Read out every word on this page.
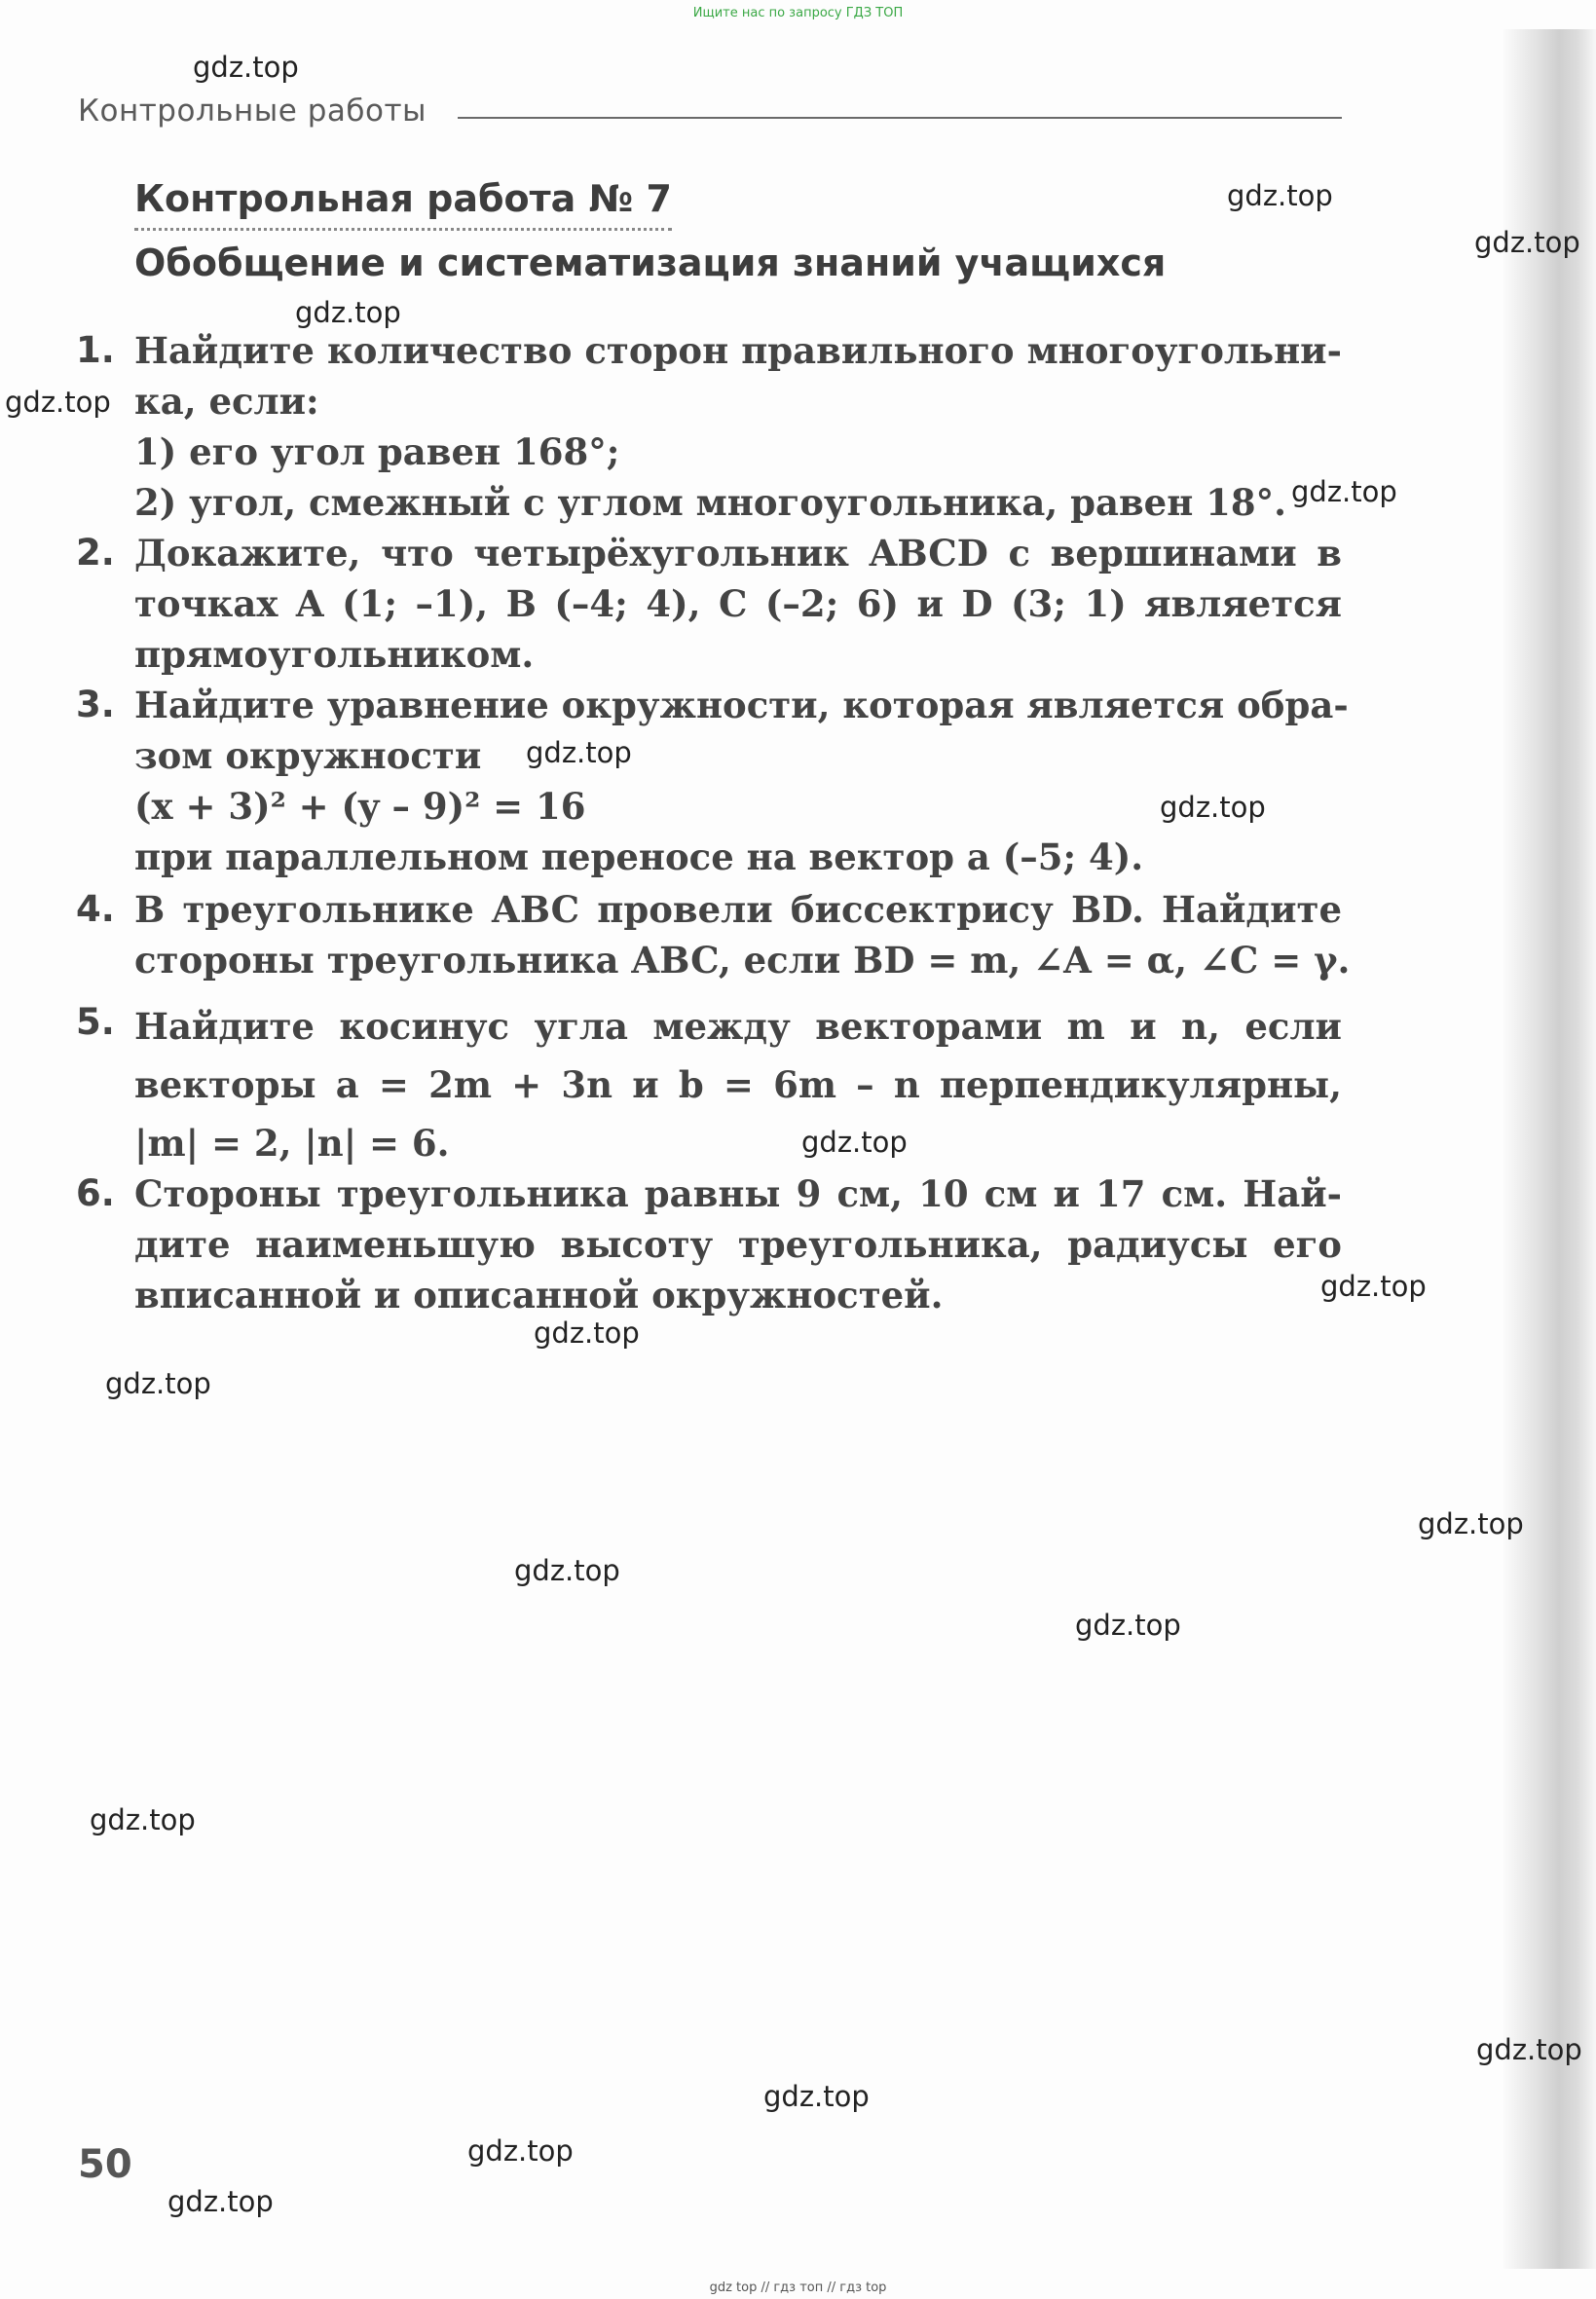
Ищите нас по запросу ГДЗ ТОП
Контрольные работы
Контрольная работа № 7
Обобщение и систематизация знаний учащихся
1. Найдите количество сторон правильного многоугольни-
ка, если:
1) его угол равен 168°;
2) угол, смежный с углом многоугольника, равен 18°.
2. Докажите, что четырёхугольник ABCD с вершинами в
точках A (1; –1), B (–4; 4), C (–2; 6) и D (3; 1) является
прямоугольником.
3. Найдите уравнение окружности, которая является обра-
зом окружности
(x + 3)² + (y – 9)² = 16
при параллельном переносе на вектор a (–5; 4).
4. В треугольнике ABC провели биссектрису BD. Найдите
стороны треугольника ABC, если BD = m, ∠A = α, ∠C = γ.
5. Найдите косинус угла между векторами m и n, если
векторы a = 2m + 3n и b = 6m – n перпендикулярны,
|m| = 2, |n| = 6.
6. Стороны треугольника равны 9 см, 10 см и 17 см. Най-
дите наименьшую высоту треугольника, радиусы его
вписанной и описанной окружностей.
50
gdz.top
gdz.top
gdz.top
gdz.top
gdz.top
gdz.top
gdz.top
gdz.top
gdz.top
gdz.top
gdz.top
gdz.top
gdz.top
gdz.top
gdz.top
gdz.top
gdz.top
gdz.top
gdz.top
gdz.top
gdz top // гдз топ // гдз top
